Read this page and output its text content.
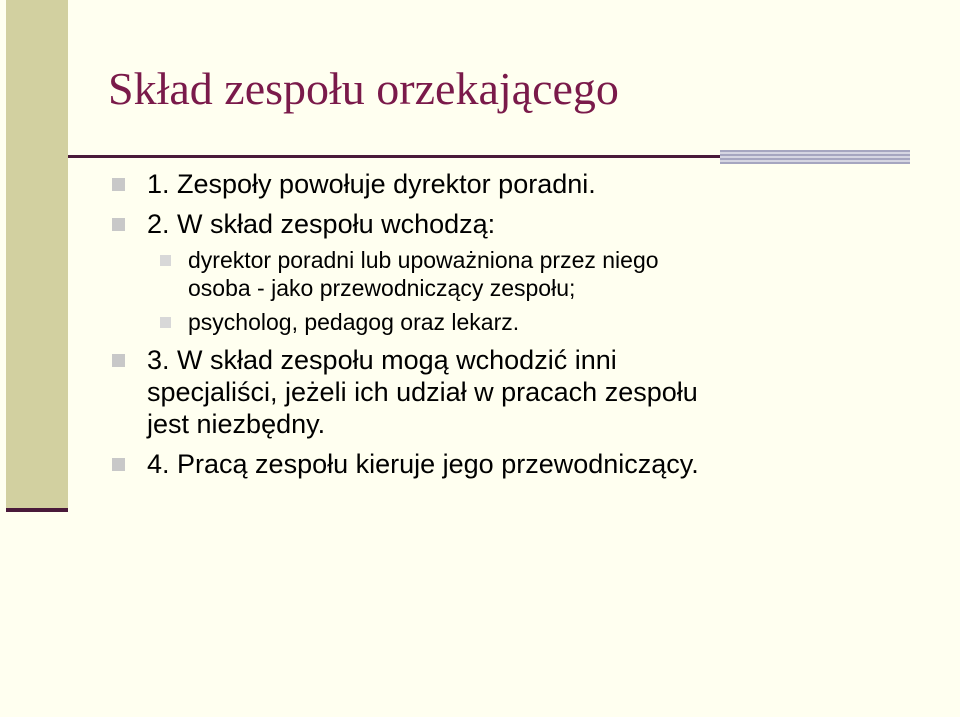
Skład zespołu orzekającego
1. Zespoły powołuje dyrektor poradni.
2. W skład zespołu wchodzą:
dyrektor poradni lub upoważniona przez niego
osoba - jako przewodniczący zespołu;
psycholog, pedagog oraz lekarz.
3. W skład zespołu mogą wchodzić inni
specjaliści, jeżeli ich udział w pracach zespołu
jest niezbędny.
4. Pracą zespołu kieruje jego przewodniczący.
